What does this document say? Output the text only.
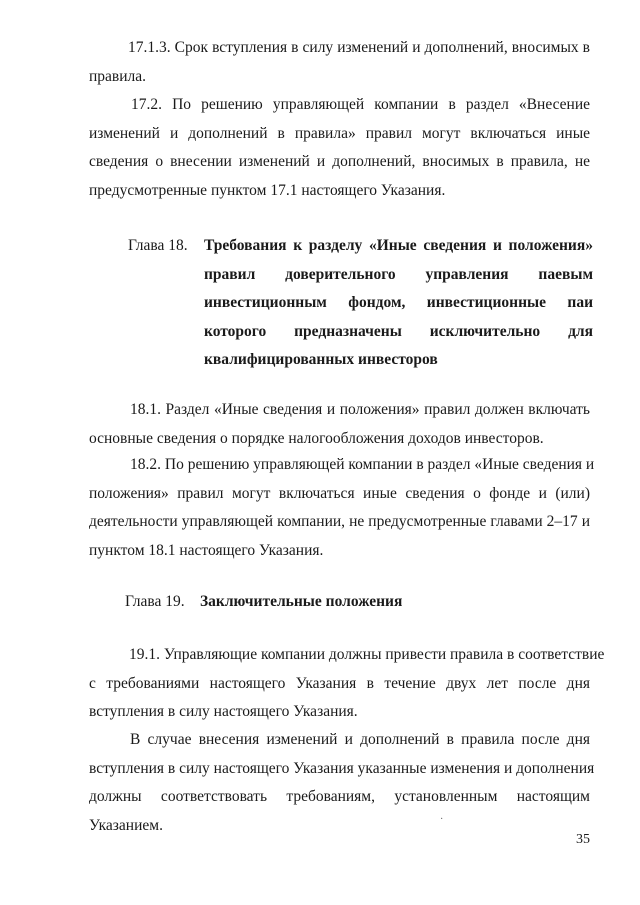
17.1.3. Срок вступления в силу изменений и дополнений, вносимых в
правила.
17.2. По решению управляющей компании в раздел «Внесение
изменений и дополнений в правила» правил могут включаться иные
сведения о внесении изменений и дополнений, вносимых в правила, не
предусмотренные пунктом 17.1 настоящего Указания.
Глава 18. Требования к разделу «Иные сведения и положения»
правил доверительного управления паевым
инвестиционным фондом, инвестиционные паи
которого предназначены исключительно для
квалифицированных инвесторов
18.1. Раздел «Иные сведения и положения» правил должен включать
основные сведения о порядке налогообложения доходов инвесторов.
18.2. По решению управляющей компании в раздел «Иные сведения и
положения» правил могут включаться иные сведения о фонде и (или)
деятельности управляющей компании, не предусмотренные главами 2–17 и
пунктом 18.1 настоящего Указания.
Глава 19. Заключительные положения
19.1. Управляющие компании должны привести правила в соответствие
с требованиями настоящего Указания в течение двух лет после дня
вступления в силу настоящего Указания.
В случае внесения изменений и дополнений в правила после дня
вступления в силу настоящего Указания указанные изменения и дополнения
должны соответствовать требованиям, установленным настоящим
Указанием.	·
35
